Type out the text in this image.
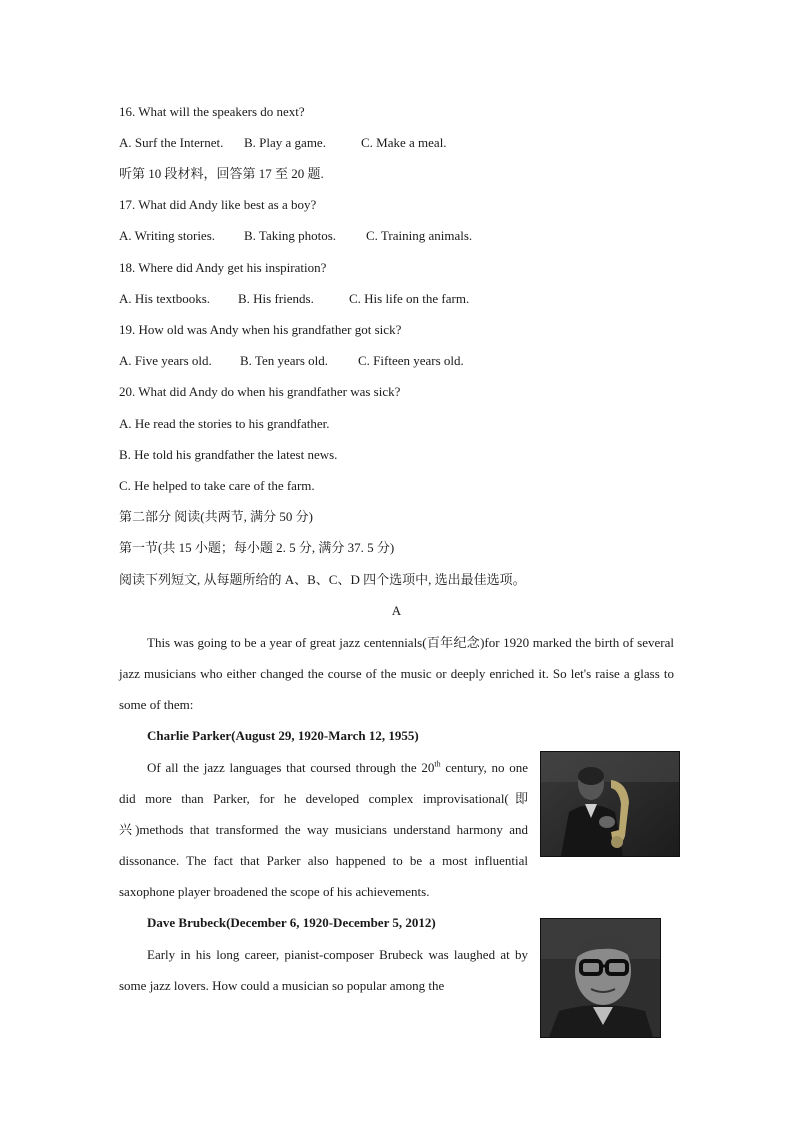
16. What will the speakers do next?
A. Surf the Internet. B. Play a game.	C. Make a meal.
听第 10 段材料，回答第 17 至 20 题.
17. What did Andy like best as a boy?
A. Writing stories. B. Taking photos. C. Training animals.
18. Where did Andy get his inspiration?
A. His textbooks. B. His friends.	C. His life on the farm.
19. How old was Andy when his grandfather got sick?
A. Five years old. B. Ten years old. C. Fifteen years old.
20. What did Andy do when his grandfather was sick?
A. He read the stories to his grandfather.
B. He told his grandfather the latest news.
C. He helped to take care of the farm.
第二部分 阅读(共两节, 满分 50 分)
第一节(共 15 小题；每小题 2. 5 分, 满分 37. 5 分)
阅读下列短文, 从每题所给的 A、B、C、D 四个选项中, 选出最佳选项。
A
This was going to be a year of great jazz centennials(百年纪念)for 1920 marked the birth of several jazz musicians who either changed the course of the music or deeply enriched it. So let's raise a glass to some of them:
Charlie Parker(August 29, 1920-March 12, 1955)
Of all the jazz languages that coursed through the 20th century, no one did more than Parker, for he developed complex improvisational(即兴)methods that transformed the way musicians understand harmony and dissonance. The fact that Parker also happened to be a most influential saxophone player broadened the scope of his achievements.
Dave Brubeck(December 6, 1920-December 5, 2012)
Early in his long career, pianist-composer Brubeck was laughed at by some jazz lovers. How could a musician so popular among the
